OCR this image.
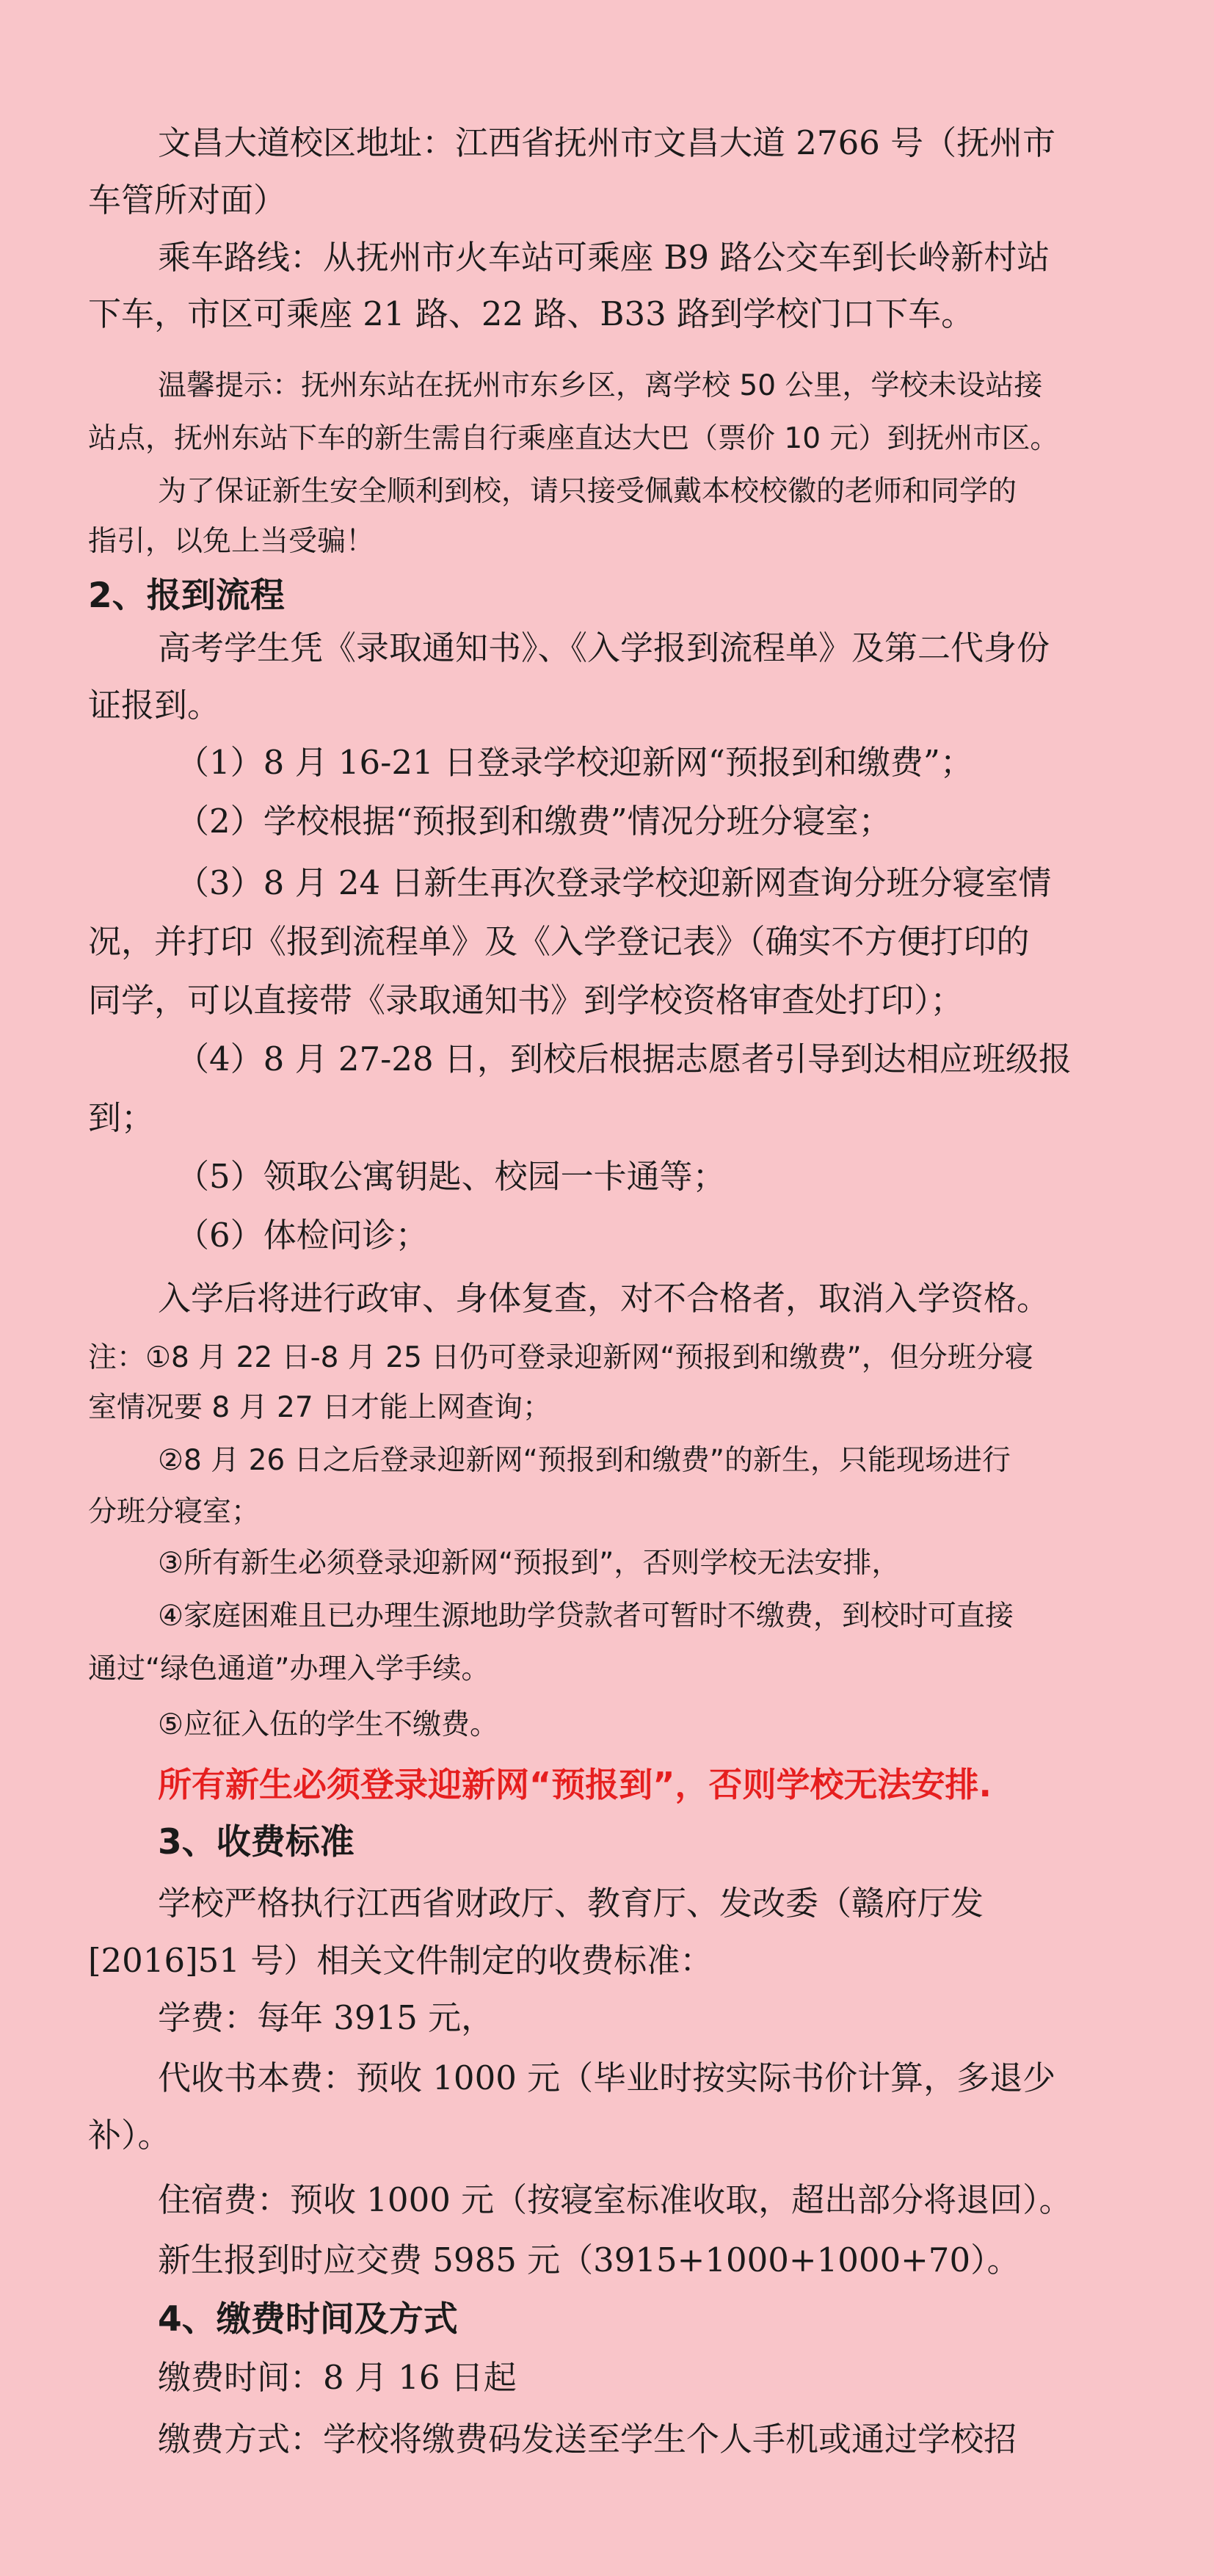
文昌大道校区地址：江西省抚州市文昌大道 2766 号（抚州市
车管所对面）
乘车路线：从抚州市火车站可乘座 B9 路公交车到长岭新村站
下车，市区可乘座 21 路、22 路、B33 路到学校门口下车。
温馨提示：抚州东站在抚州市东乡区，离学校 50 公里，学校未设站接
站点，抚州东站下车的新生需自行乘座直达大巴（票价 10 元）到抚州市区。
为了保证新生安全顺利到校，请只接受佩戴本校校徽的老师和同学的
指引，以免上当受骗！
2、报到流程
高考学生凭《录取通知书》、《入学报到流程单》及第二代身份
证报到。
（1）8 月 16-21 日登录学校迎新网“预报到和缴费”；
（2）学校根据“预报到和缴费”情况分班分寝室；
（3）8 月 24 日新生再次登录学校迎新网查询分班分寝室情
况，并打印《报到流程单》及《入学登记表》（确实不方便打印的
同学，可以直接带《录取通知书》到学校资格审查处打印）；
（4）8 月 27-28 日，到校后根据志愿者引导到达相应班级报
到；
（5）领取公寓钥匙、校园一卡通等；
（6）体检问诊；
入学后将进行政审、身体复查，对不合格者，取消入学资格。
注：①8 月 22 日-8 月 25 日仍可登录迎新网“预报到和缴费”，但分班分寝
室情况要 8 月 27 日才能上网查询；
②8 月 26 日之后登录迎新网“预报到和缴费”的新生，只能现场进行
分班分寝室；
③所有新生必须登录迎新网“预报到”，否则学校无法安排，
④家庭困难且已办理生源地助学贷款者可暂时不缴费，到校时可直接
通过“绿色通道”办理入学手续。
⑤应征入伍的学生不缴费。
所有新生必须登录迎新网“预报到”，否则学校无法安排.
3、收费标准
学校严格执行江西省财政厅、教育厅、发改委（赣府厅发
[2016]51 号）相关文件制定的收费标准：
学费：每年 3915 元，
代收书本费：预收 1000 元（毕业时按实际书价计算，多退少
补）。
住宿费：预收 1000 元（按寝室标准收取，超出部分将退回）。
新生报到时应交费 5985 元（3915+1000+1000+70）。
4、缴费时间及方式
缴费时间：8 月 16 日起
缴费方式：学校将缴费码发送至学生个人手机或通过学校招
